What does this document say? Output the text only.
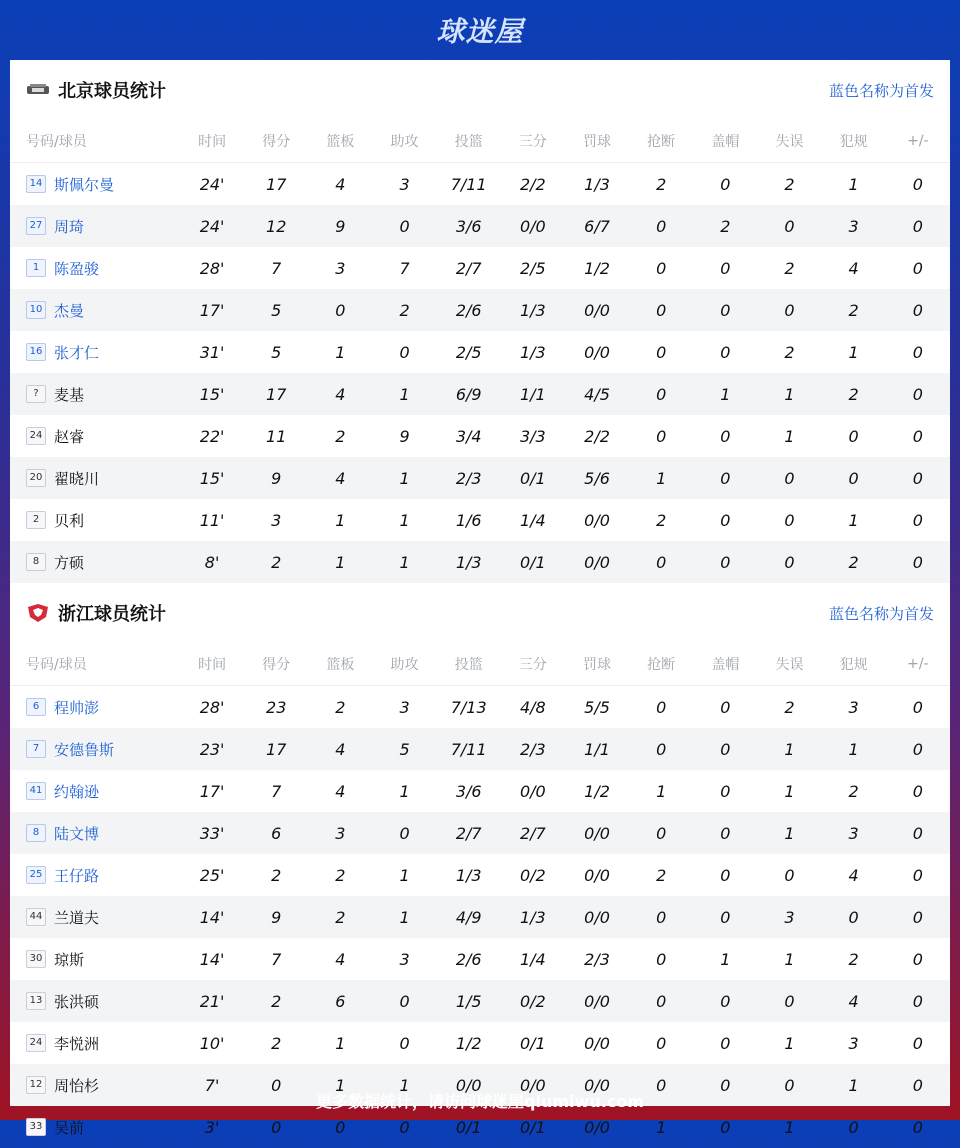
球迷屋
北京球员统计	蓝色名称为首发
号码/球员	时间	得分	篮板	助攻	投篮	三分	罚球	抢断	盖帽	失误	犯规	+/-
14 斯佩尔曼	24'	17	4	3	7/11	2/2	1/3	2	0	2	1	0
27 周琦	24'	12	9	0	3/6	0/0	6/7	0	2	0	3	0
1 陈盈骏	28'	7	3	7	2/7	2/5	1/2	0	0	2	4	0
10 杰曼	17'	5	0	2	2/6	1/3	0/0	0	0	0	2	0
16 张才仁	31'	5	1	0	2/5	1/3	0/0	0	0	2	1	0
? 麦基	15'	17	4	1	6/9	1/1	4/5	0	1	1	2	0
24 赵睿	22'	11	2	9	3/4	3/3	2/2	0	0	1	0	0
20 翟晓川	15'	9	4	1	2/3	0/1	5/6	1	0	0	0	0
2 贝利	11'	3	1	1	1/6	1/4	0/0	2	0	0	1	0
8 方硕	8'	2	1	1	1/3	0/1	0/0	0	0	0	2	0
浙江球员统计	蓝色名称为首发
号码/球员	时间	得分	篮板	助攻	投篮	三分	罚球	抢断	盖帽	失误	犯规	+/-
6 程帅澎	28'	23	2	3	7/13	4/8	5/5	0	0	2	3	0
7 安德鲁斯	23'	17	4	5	7/11	2/3	1/1	0	0	1	1	0
41 约翰逊	17'	7	4	1	3/6	0/0	1/2	1	0	1	2	0
8 陆文博	33'	6	3	0	2/7	2/7	0/0	0	0	1	3	0
25 王仔路	25'	2	2	1	1/3	0/2	0/0	2	0	0	4	0
44 兰道夫	14'	9	2	1	4/9	1/3	0/0	0	0	3	0	0
30 琼斯	14'	7	4	3	2/6	1/4	2/3	0	1	1	2	0
13 张洪硕	21'	2	6	0	1/5	0/2	0/0	0	0	0	4	0
24 李悦洲	10'	2	1	0	1/2	0/1	0/0	0	0	1	3	0
12 周怡杉	7'	0	1	1	0/0	0/0	0/0	0	0	0	1	0
33 吴前	3'	0	0	0	0/1	0/1	0/0	1	0	1	0	0
更多数据统计，请访问球迷屋qiumiwu.com
